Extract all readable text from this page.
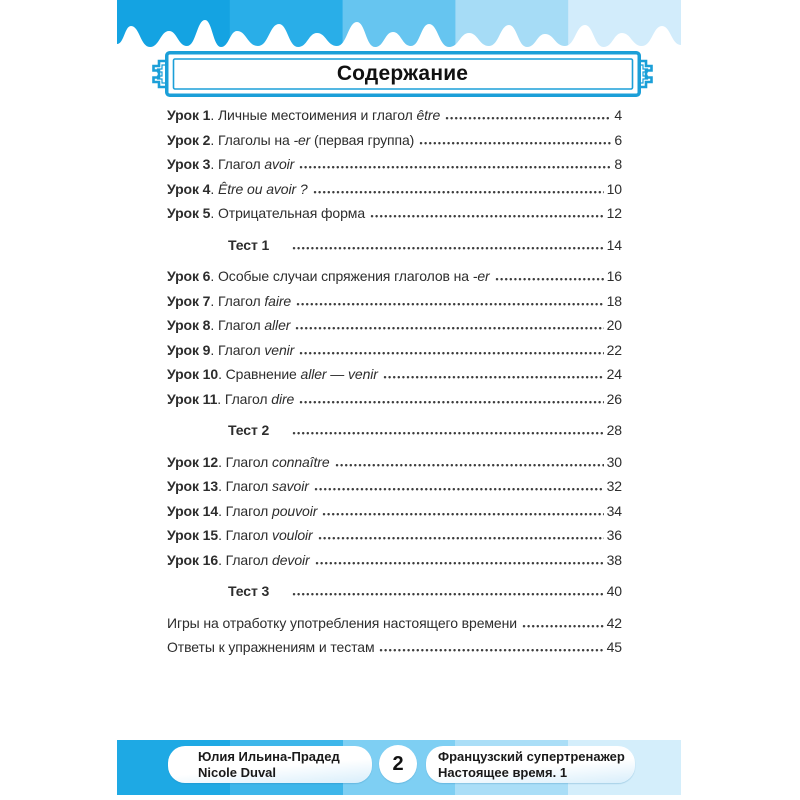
Содержание
Урок 1 . Личные местоимения и глагол être	4
Урок 2 . Глаголы на -er (первая группа)	6
Урок 3 . Глагол avoir	8
Урок 4 . Être ou avoir ?	10
Урок 5 . Отрицательная форма	12
Тест 1	14
Урок 6 . Особые случаи спряжения глаголов на -er	16
Урок 7 . Глагол faire	18
Урок 8 . Глагол aller	20
Урок 9 . Глагол venir	22
Урок 10 . Сравнение aller — venir	24
Урок 11 . Глагол dire	26
Тест 2	28
Урок 12 . Глагол connaître	30
Урок 13 . Глагол savoir	32
Урок 14 . Глагол pouvoir	34
Урок 15 . Глагол vouloir	36
Урок 16 . Глагол devoir	38
Тест 3	40
Игры на отработку употребления настоящего времени	42
Ответы к упражнениям и тестам	45
Юлия Ильина-Прадед
Nicole Duval	2	Французский супертренажер
Настоящее время. 1
